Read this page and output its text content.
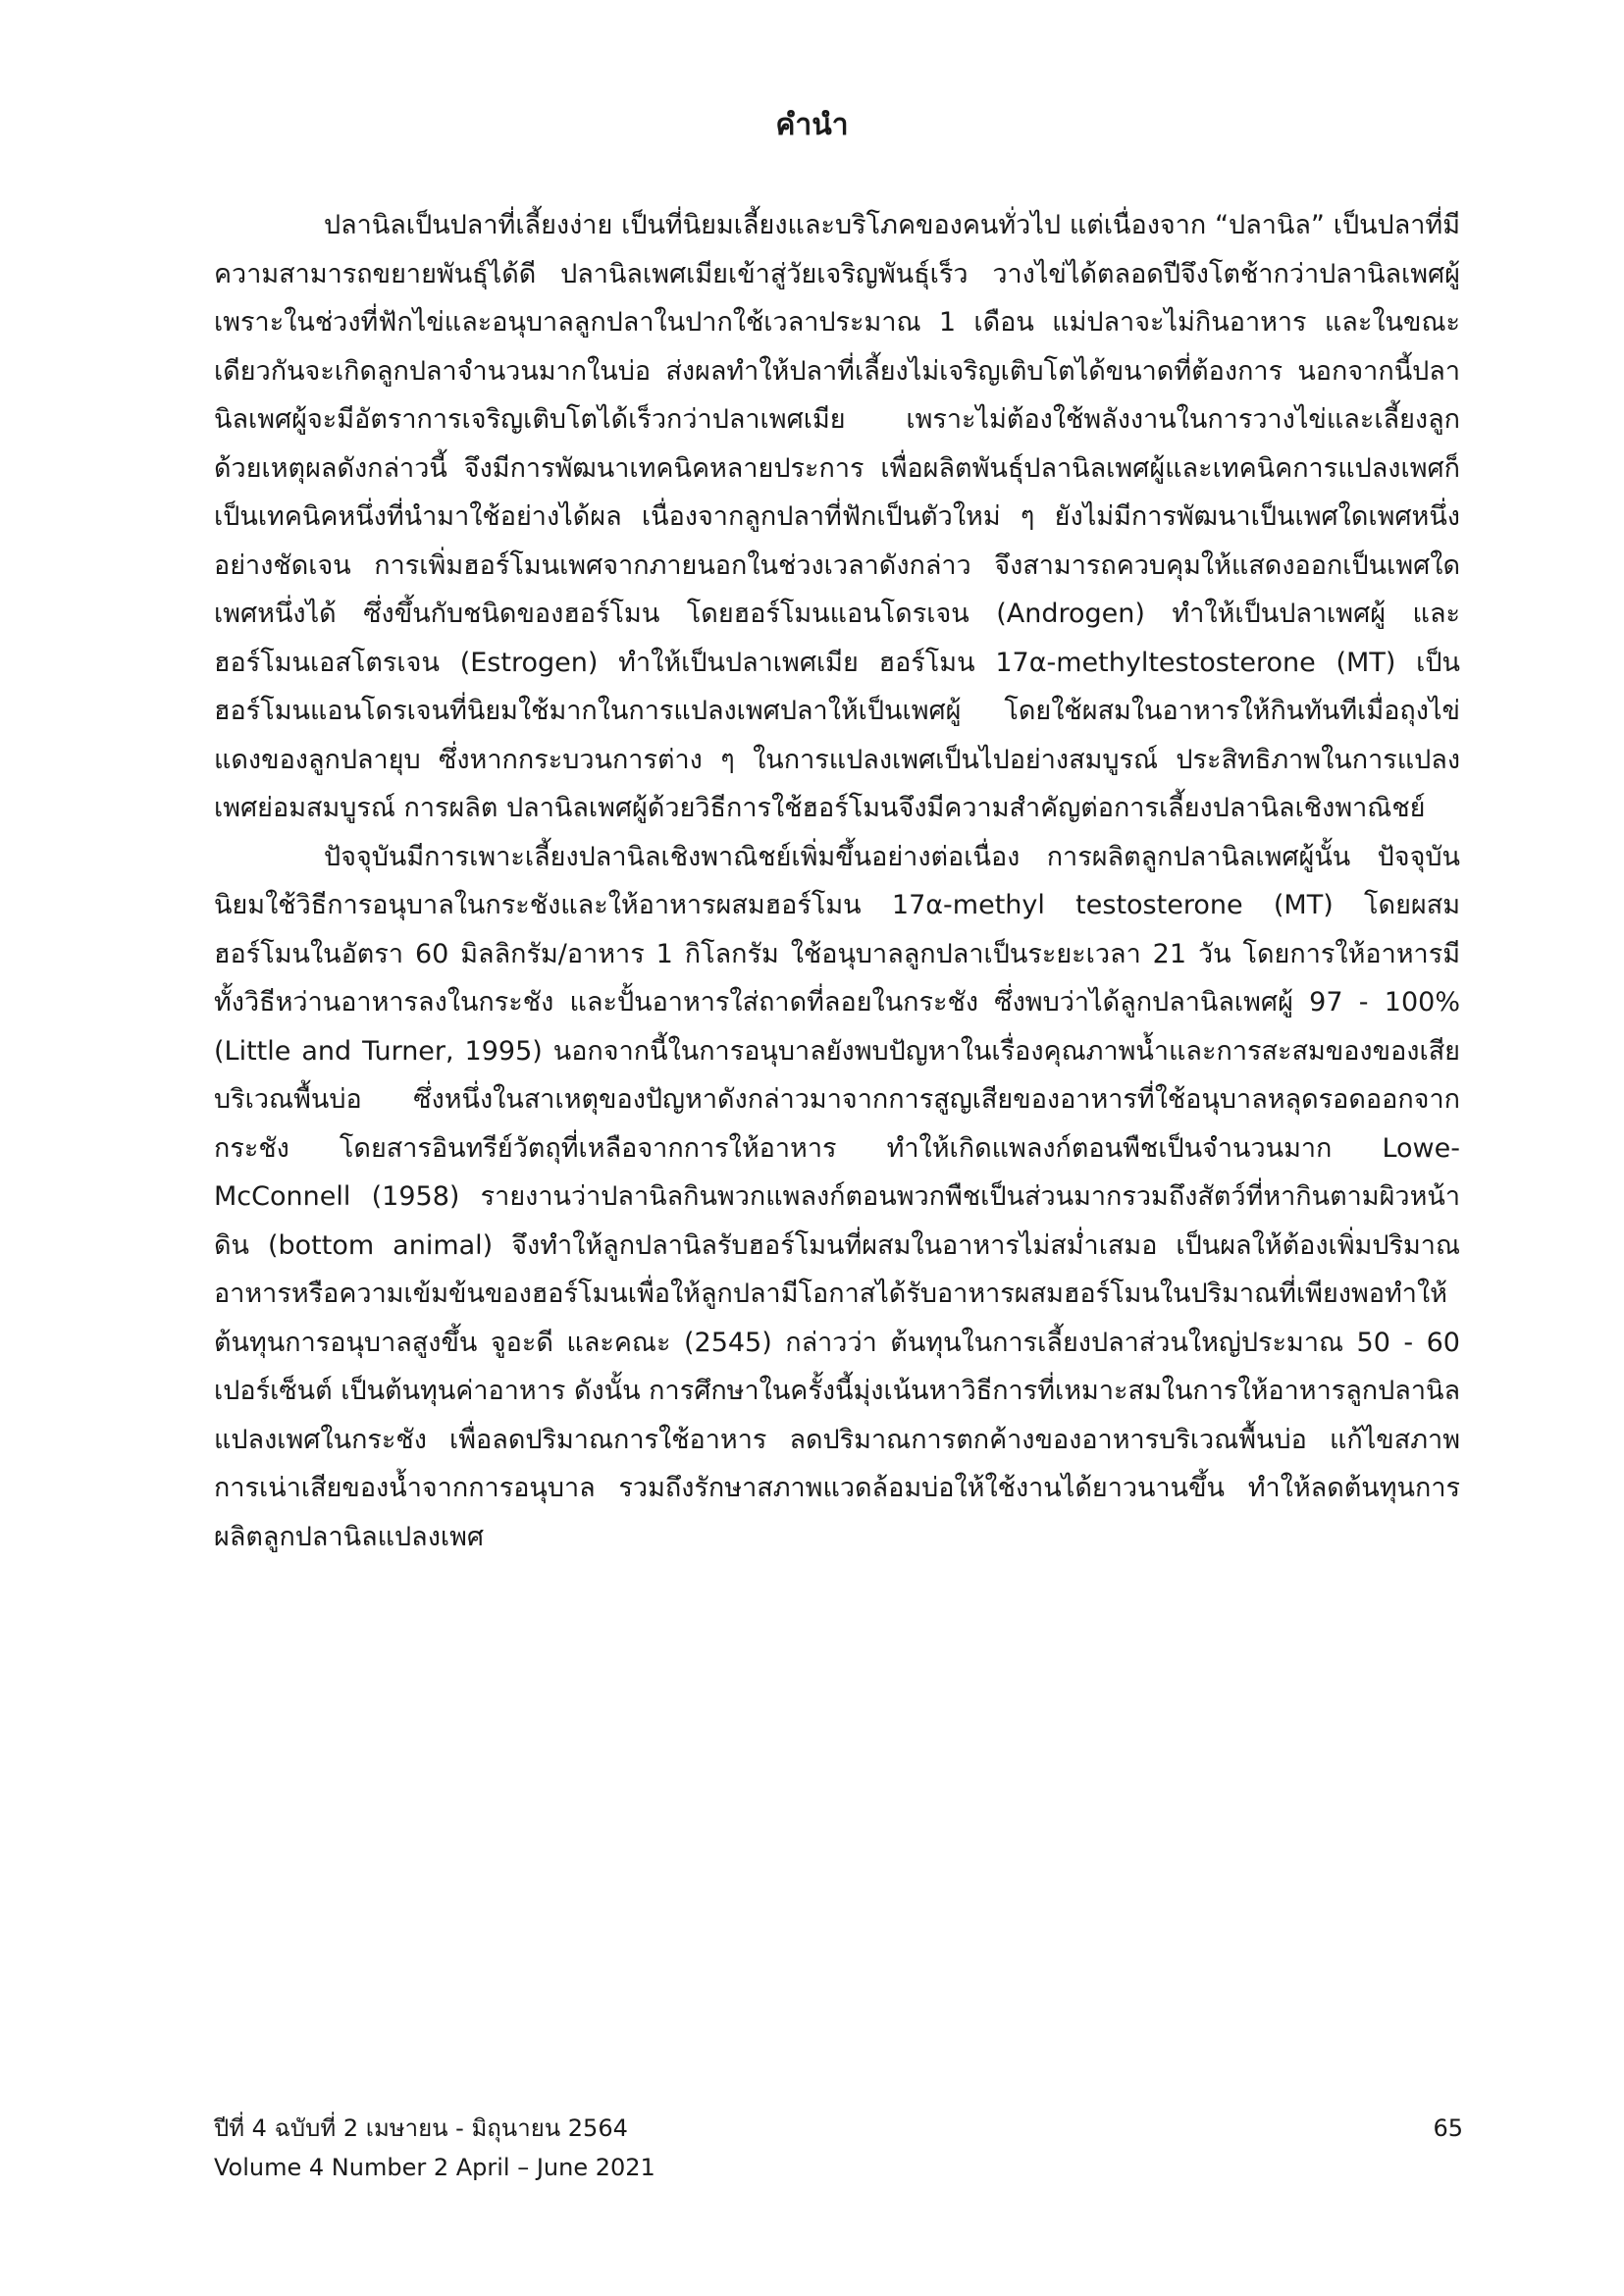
คำนำ

ปลานิลเป็นปลาที่เลี้ยงง่าย เป็นที่นิยมเลี้ยงและบริโภคของคนทั่วไป แต่เนื่องจาก “ปลานิล” เป็นปลาที่มีความสามารถขยายพันธุ์ได้ดี ปลานิลเพศเมียเข้าสู่วัยเจริญพันธุ์เร็ว วางไข่ได้ตลอดปีจึงโตช้ากว่าปลานิลเพศผู้ เพราะในช่วงที่ฟักไข่และอนุบาลลูกปลาในปากใช้เวลาประมาณ 1 เดือน แม่ปลาจะไม่กินอาหาร และในขณะเดียวกันจะเกิดลูกปลาจำนวนมากในบ่อ ส่งผลทำให้ปลาที่เลี้ยงไม่เจริญเติบโตได้ขนาดที่ต้องการ นอกจากนี้ปลานิลเพศผู้จะมีอัตราการเจริญเติบโตได้เร็วกว่าปลาเพศเมีย เพราะไม่ต้องใช้พลังงานในการวางไข่และเลี้ยงลูก ด้วยเหตุผลดังกล่าวนี้ จึงมีการพัฒนาเทคนิคหลายประการ เพื่อผลิตพันธุ์ปลานิลเพศผู้และเทคนิคการแปลงเพศก็เป็นเทคนิคหนึ่งที่นำมาใช้อย่างได้ผล เนื่องจากลูกปลาที่ฟักเป็นตัวใหม่ ๆ ยังไม่มีการพัฒนาเป็นเพศใดเพศหนึ่งอย่างชัดเจน การเพิ่มฮอร์โมนเพศจากภายนอกในช่วงเวลาดังกล่าว จึงสามารถควบคุมให้แสดงออกเป็นเพศใดเพศหนึ่งได้ ซึ่งขึ้นกับชนิดของฮอร์โมน โดยฮอร์โมนแอนโดรเจน (Androgen) ทำให้เป็นปลาเพศผู้ และฮอร์โมนเอสโตรเจน (Estrogen) ทำให้เป็นปลาเพศเมีย ฮอร์โมน 17α-methyltestosterone (MT) เป็นฮอร์โมนแอนโดรเจนที่นิยมใช้มากในการแปลงเพศปลาให้เป็นเพศผู้ โดยใช้ผสมในอาหารให้กินทันทีเมื่อถุงไข่แดงของลูกปลายุบ ซึ่งหากกระบวนการต่าง ๆ ในการแปลงเพศเป็นไปอย่างสมบูรณ์ ประสิทธิภาพในการแปลงเพศย่อมสมบูรณ์ การผลิต ปลานิลเพศผู้ด้วยวิธีการใช้ฮอร์โมนจึงมีความสำคัญต่อการเลี้ยงปลานิลเชิงพาณิชย์

ปัจจุบันมีการเพาะเลี้ยงปลานิลเชิงพาณิชย์เพิ่มขึ้นอย่างต่อเนื่อง การผลิตลูกปลานิลเพศผู้นั้น ปัจจุบันนิยมใช้วิธีการอนุบาลในกระชังและให้อาหารผสมฮอร์โมน 17α-methyl testosterone (MT) โดยผสมฮอร์โมนในอัตรา 60 มิลลิกรัม/อาหาร 1 กิโลกรัม ใช้อนุบาลลูกปลาเป็นระยะเวลา 21 วัน โดยการให้อาหารมีทั้งวิธีหว่านอาหารลงในกระชัง และปั้นอาหารใส่ถาดที่ลอยในกระชัง ซึ่งพบว่าได้ลูกปลานิลเพศผู้ 97 - 100% (Little and Turner, 1995) นอกจากนี้ในการอนุบาลยังพบปัญหาในเรื่องคุณภาพน้ำและการสะสมของของเสียบริเวณพื้นบ่อ ซึ่งหนึ่งในสาเหตุของปัญหาดังกล่าวมาจากการสูญเสียของอาหารที่ใช้อนุบาลหลุดรอดออกจากกระชัง โดยสารอินทรีย์วัตถุที่เหลือจากการให้อาหาร ทำให้เกิดแพลงก์ตอนพืชเป็นจำนวนมาก Lowe-McConnell (1958) รายงานว่าปลานิลกินพวกแพลงก์ตอนพวกพืชเป็นส่วนมากรวมถึงสัตว์ที่หากินตามผิวหน้าดิน (bottom animal) จึงทำให้ลูกปลานิลรับฮอร์โมนที่ผสมในอาหารไม่สม่ำเสมอ เป็นผลให้ต้องเพิ่มปริมาณอาหารหรือความเข้มข้นของฮอร์โมนเพื่อให้ลูกปลามีโอกาสได้รับอาหารผสมฮอร์โมนในปริมาณที่เพียงพอทำให้ต้นทุนการอนุบาลสูงขึ้น จูอะดี และคณะ (2545) กล่าวว่า ต้นทุนในการเลี้ยงปลาส่วนใหญ่ประมาณ 50 - 60 เปอร์เซ็นต์ เป็นต้นทุนค่าอาหาร ดังนั้น การศึกษาในครั้งนี้มุ่งเน้นหาวิธีการที่เหมาะสมในการให้อาหารลูกปลานิลแปลงเพศในกระชัง เพื่อลดปริมาณการใช้อาหาร ลดปริมาณการตกค้างของอาหารบริเวณพื้นบ่อ แก้ไขสภาพการเน่าเสียของน้ำจากการอนุบาล รวมถึงรักษาสภาพแวดล้อมบ่อให้ใช้งานได้ยาวนานขึ้น ทำให้ลดต้นทุนการผลิตลูกปลานิลแปลงเพศ

ปีที่ 4 ฉบับที่ 2 เมษายน - มิถุนายน 2564
Volume 4 Number 2 April – June 2021
65
